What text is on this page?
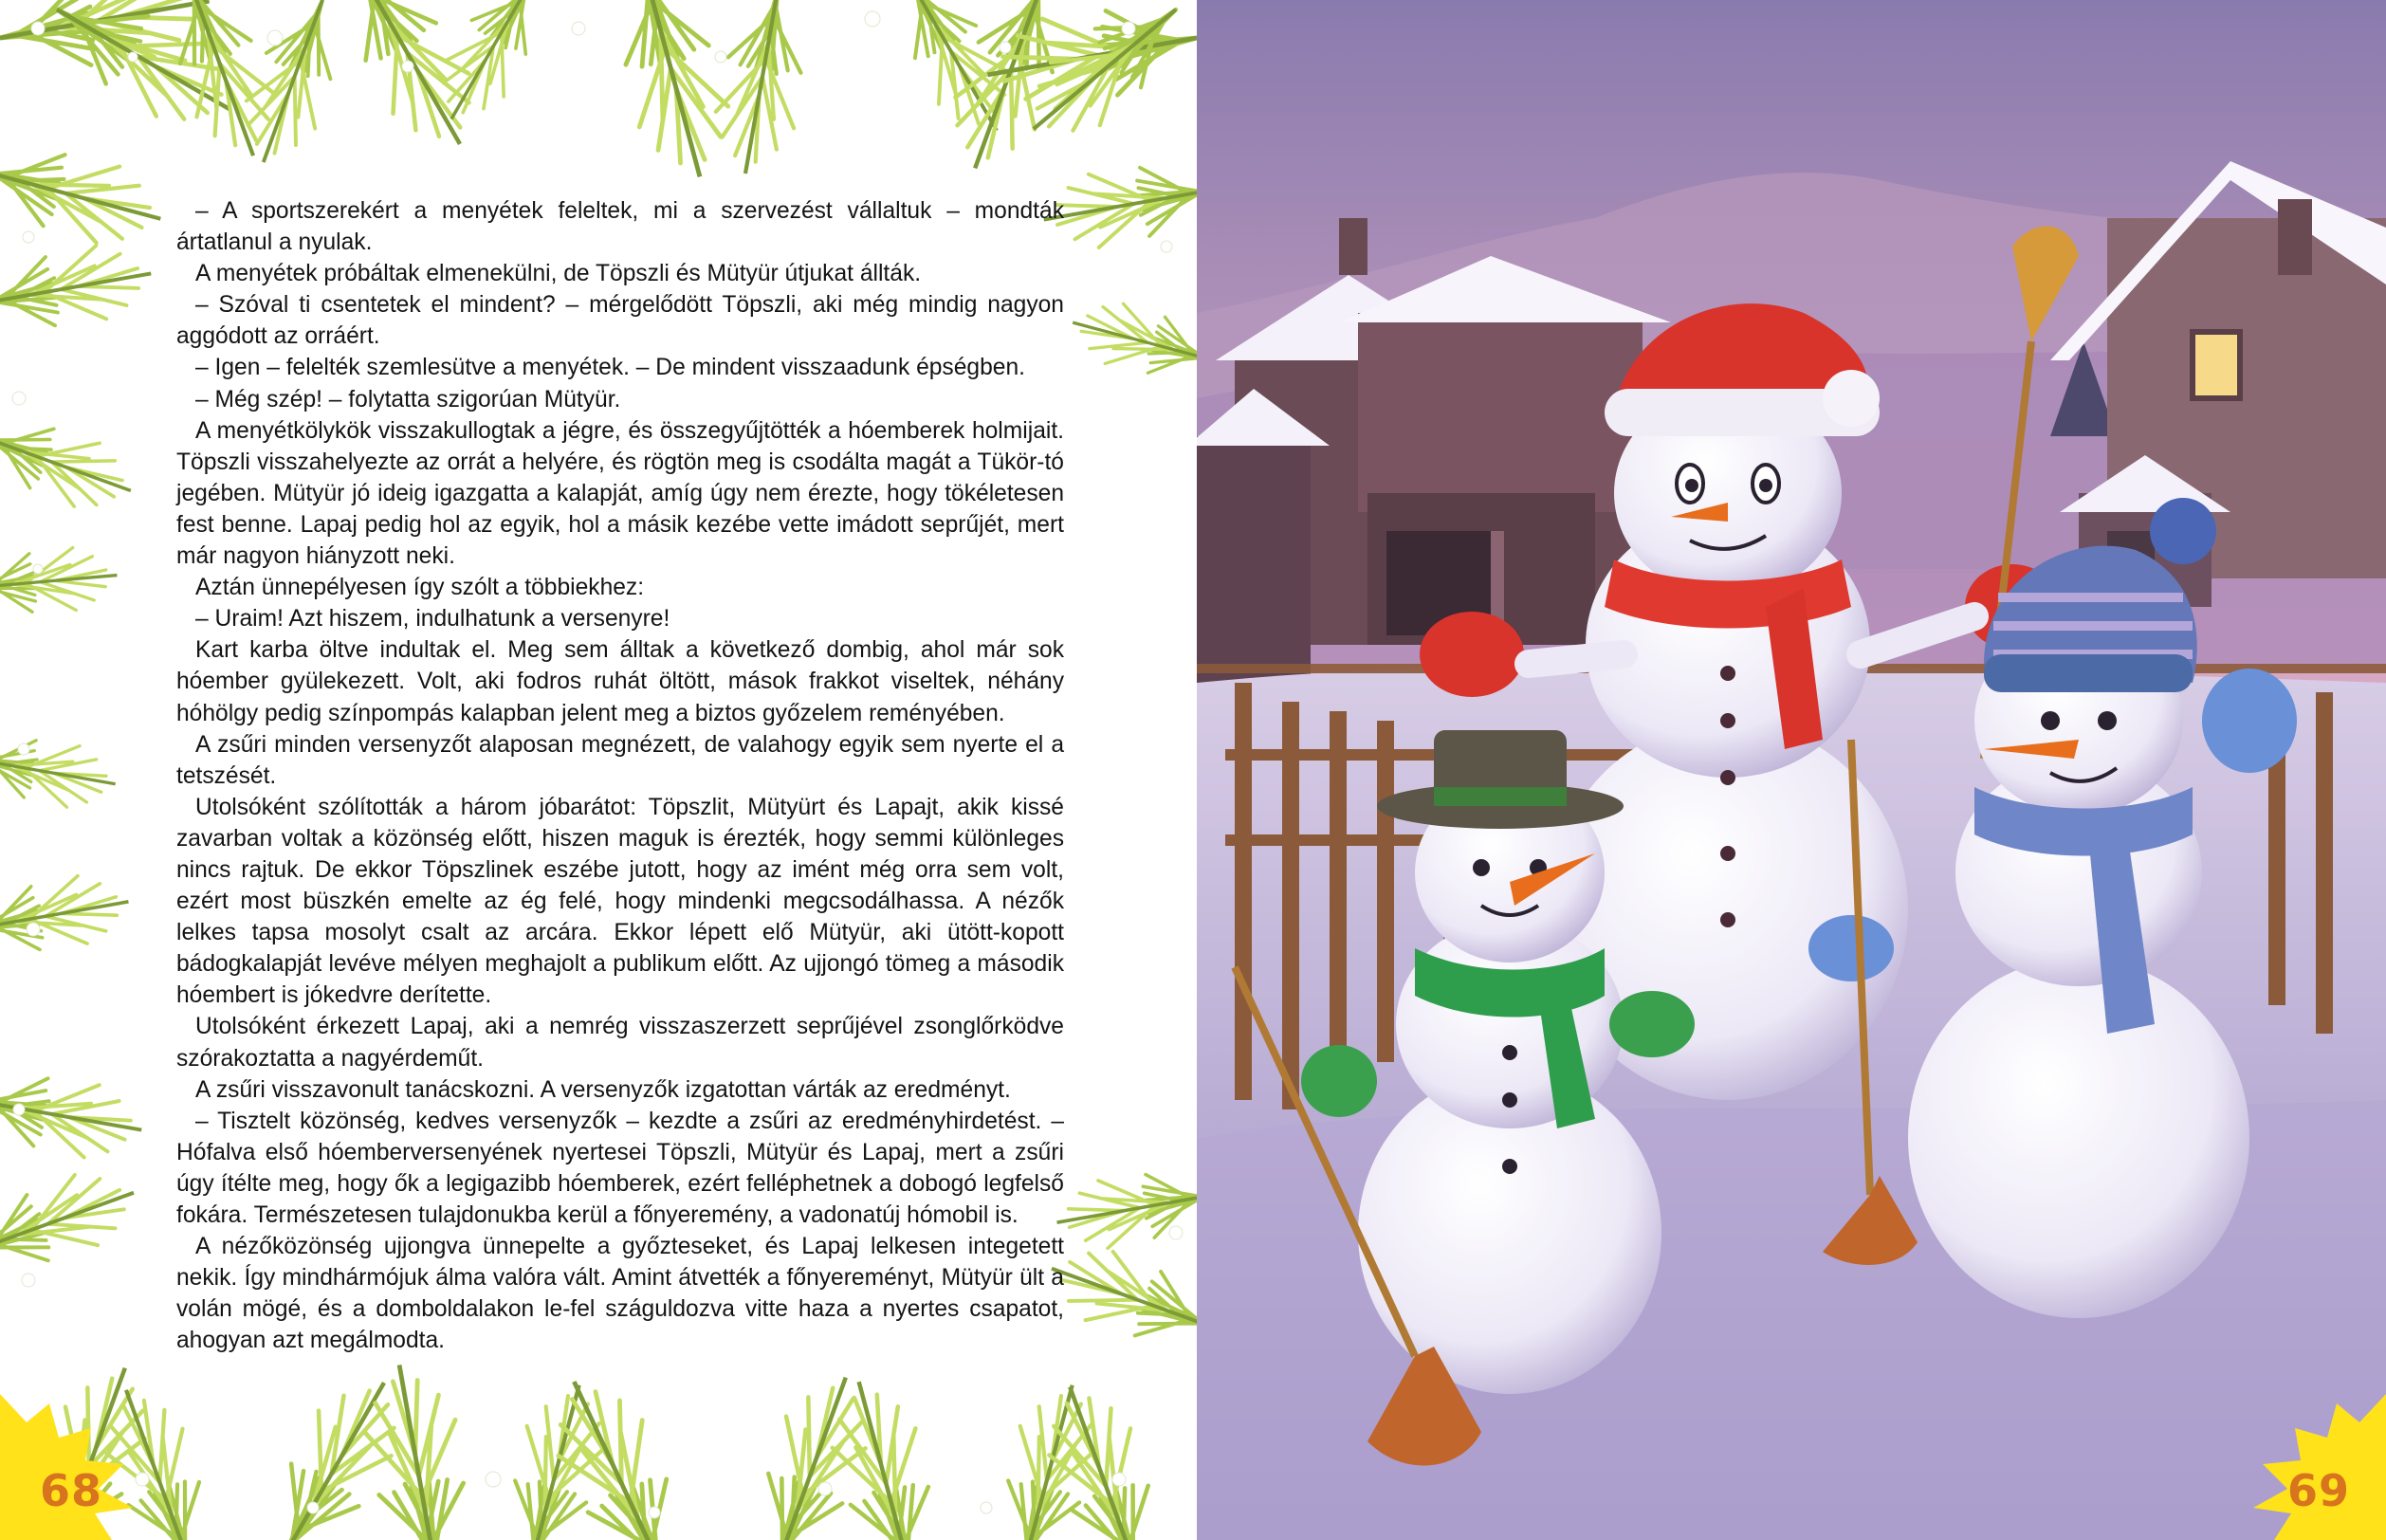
– A sportszerekért a menyétek feleltek, mi a szervezést vállaltuk – mondták ártatlanul a nyulak.

A menyétek próbáltak elmenekülni, de Töpszli és Mütyür útjukat állták.

– Szóval ti csentetek el mindent? – mérgelődött Töpszli, aki még mindig nagyon aggódott az orráért.

– Igen – felelték szemlesütve a menyétek. – De mindent visszaadunk épségben.

– Még szép! – folytatta szigorúan Mütyür.

A menyétkölykök visszakullogtak a jégre, és összegyűjtötték a hóemberek holmijait. Töpszli visszahelyezte az orrát a helyére, és rögtön meg is csodálta magát a Tükör-tó jegében. Mütyür jó ideig igazgatta a kalapját, amíg úgy nem érezte, hogy tökéletesen fest benne. Lapaj pedig hol az egyik, hol a másik kezébe vette imádott seprűjét, mert már nagyon hiányzott neki.

Aztán ünnepélyesen így szólt a többiekhez:

– Uraim! Azt hiszem, indulhatunk a versenyre!

Kart karba öltve indultak el. Meg sem álltak a következő dombig, ahol már sok hóember gyülekezett. Volt, aki fodros ruhát öltött, mások frakkot viseltek, néhány hóhölgy pedig színpompás kalapban jelent meg a biztos győzelem reményében.

A zsűri minden versenyzőt alaposan megnézett, de valahogy egyik sem nyerte el a tetszését.

Utolsóként szólították a három jóbarátot: Töpszlit, Mütyürt és Lapajt, akik kissé zavarban voltak a közönség előtt, hiszen maguk is érezték, hogy semmi különleges nincs rajtuk. De ekkor Töpszlinek eszébe jutott, hogy az imént még orra sem volt, ezért most büszkén emelte az ég felé, hogy mindenki megcsodálhassa. A nézők lelkes tapsa mosolyt csalt az arcára. Ekkor lépett elő Mütyür, aki ütött-kopott bádogkalapját levéve mélyen meghajolt a publikum előtt. Az ujjongó tömeg a második hóembert is jókedvre derítette.

Utolsóként érkezett Lapaj, aki a nemrég visszaszerzett seprűjével zsonglőrködve szórakoztatta a nagyérdeműt.

A zsűri visszavonult tanácskozni. A versenyzők izgatottan várták az eredményt.

– Tisztelt közönség, kedves versenyzők – kezdte a zsűri az eredményhirdetést. – Hófalva első hóemberversenyének nyertesei Töpszli, Mütyür és Lapaj, mert a zsűri úgy ítélte meg, hogy ők a legigazibb hóemberek, ezért felléphetnek a dobogó legfelső fokára. Természetesen tulajdonukba kerül a főnyeremény, a vadonatúj hómobil is.

A nézőközönség ujjongva ünnepelte a győzteseket, és Lapaj lelkesen integetett nekik. Így mindhármójuk álma valóra vált. Amint átvették a főnyereményt, Mütyür ült a volán mögé, és a domboldalakon le-fel száguldozva vitte haza a nyertes csapatot, ahogyan azt megálmodta.

68	69
